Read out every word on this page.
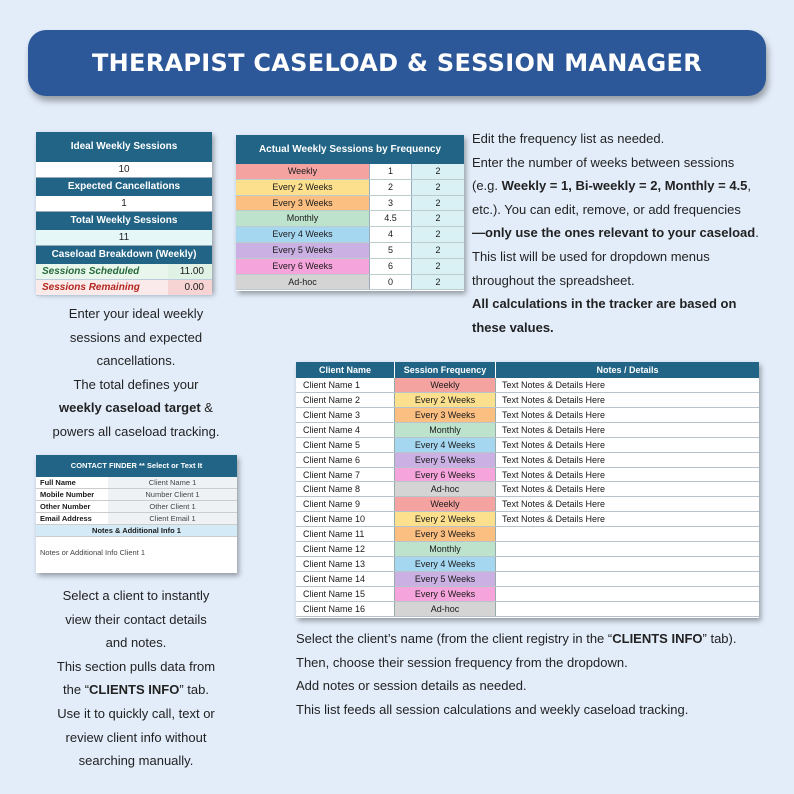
THERAPIST CASELOAD & SESSION MANAGER
Ideal Weekly Sessions
10
Expected Cancellations
1
Total Weekly Sessions
11
Caseload Breakdown (Weekly)
Sessions Scheduled	11.00
Sessions Remaining	0.00
Actual Weekly Sessions by Frequency
Weekly	1	2
Every 2 Weeks	2	2
Every 3 Weeks	3	2
Monthly	4.5	2
Every 4 Weeks	4	2
Every 5 Weeks	5	2
Every 6 Weeks	6	2
Ad-hoc	0	2
Edit the frequency list as needed.
Enter the number of weeks between sessions
(e.g. Weekly = 1, Bi-weekly = 2, Monthly = 4.5,
etc.). You can edit, remove, or add frequencies
—only use the ones relevant to your caseload.
This list will be used for dropdown menus
throughout the spreadsheet.
All calculations in the tracker are based on
these values.
Enter your ideal weekly
sessions and expected
cancellations.
The total defines your
weekly caseload target &
powers all caseload tracking.
CONTACT FINDER ** Select or Text It
Full Name	Client Name 1
Mobile Number	Number Client 1
Other Number	Other Client 1
Email Address	Client Email 1
Notes & Additional Info 1
Notes or Additional Info Client 1
Select a client to instantly
view their contact details
and notes.
This section pulls data from
the “CLIENTS INFO” tab.
Use it to quickly call, text or
review client info without
searching manually.
Client Name	Session Frequency	Notes / Details
Client Name 1	Weekly	Text Notes & Details Here
Client Name 2	Every 2 Weeks	Text Notes & Details Here
Client Name 3	Every 3 Weeks	Text Notes & Details Here
Client Name 4	Monthly	Text Notes & Details Here
Client Name 5	Every 4 Weeks	Text Notes & Details Here
Client Name 6	Every 5 Weeks	Text Notes & Details Here
Client Name 7	Every 6 Weeks	Text Notes & Details Here
Client Name 8	Ad-hoc	Text Notes & Details Here
Client Name 9	Weekly	Text Notes & Details Here
Client Name 10	Every 2 Weeks	Text Notes & Details Here
Client Name 11	Every 3 Weeks
Client Name 12	Monthly
Client Name 13	Every 4 Weeks
Client Name 14	Every 5 Weeks
Client Name 15	Every 6 Weeks
Client Name 16	Ad-hoc
Select the client’s name (from the client registry in the “CLIENTS INFO” tab).
Then, choose their session frequency from the dropdown.
Add notes or session details as needed.
This list feeds all session calculations and weekly caseload tracking.
